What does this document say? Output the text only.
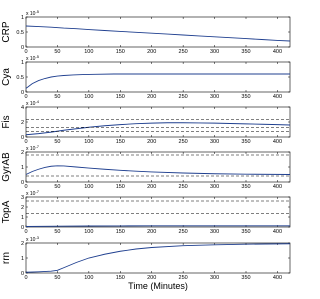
0	50	100	150	200	250	300	350	400
0
0.5
1
x $10^{-5}$
CRP
0	50	100	150	200	250	300	350	400
0
0.5
1
x $10^{-5}$
Cya
0	50	100	150	200	250	300	350	400
0
2
4
x $10^{-4}$
Fis
0	50	100	150	200	250	300	350	400
0
1
2
x $10^{-7}$
GyrAB
0	50	100	150	200	250	300	350	400
0
1
2
3
x $10^{-7}$
TopA
0	50	100	150	200	250	300	350	400
0
1
2
x $10^{-3}$
rrn
Time (Minutes)
